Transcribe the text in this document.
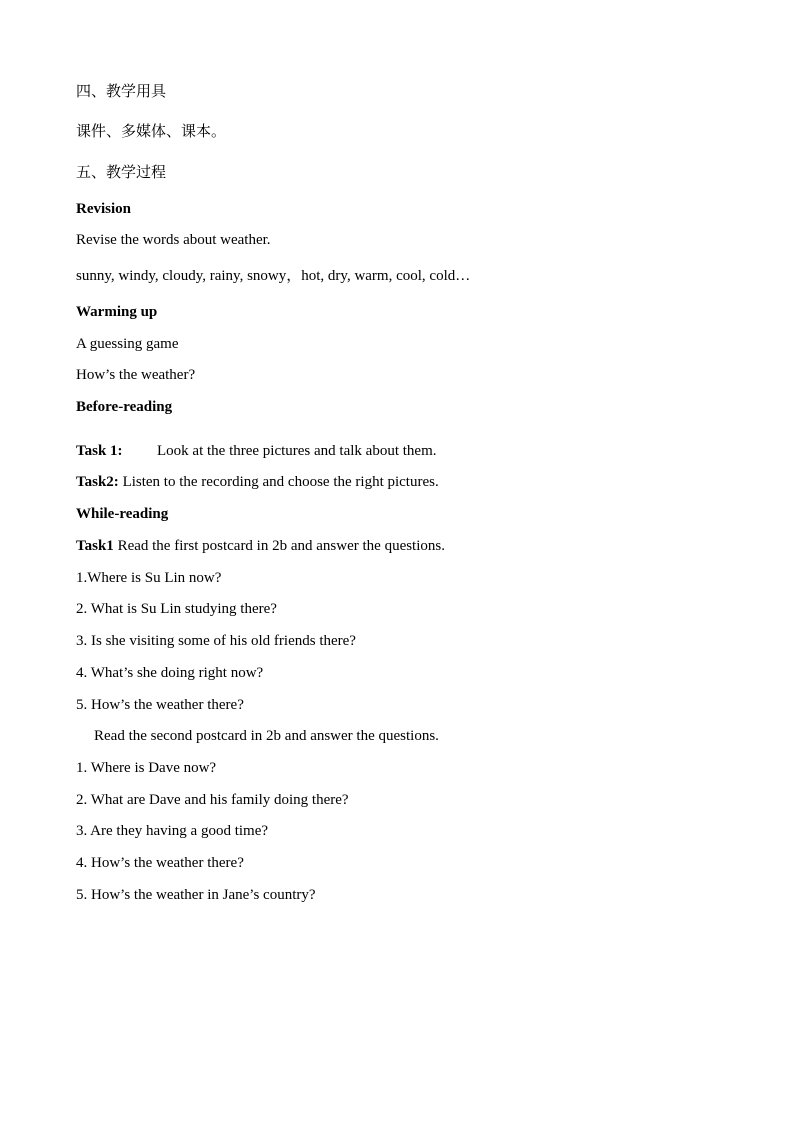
四、教学用具
课件、多媒体、课本。
五、教学过程
Revision
Revise the words about weather.
sunny, windy, cloudy, rainy, snowy，hot, dry, warm, cool, cold…
Warming up
A guessing game
How’s the weather?
Before-reading
Task 1: Look at the three pictures and talk about them.
Task2: Listen to the recording and choose the right pictures.
While-reading
Task1 Read the first postcard in 2b and answer the questions.
1.Where is Su Lin now?
2. What is Su Lin studying there?
3. Is she visiting some of his old friends there?
4. What’s she doing right now?
5. How’s the weather there?
Read the second postcard in 2b and answer the questions.
1. Where is Dave now?
2. What are Dave and his family doing there?
3. Are they having a good time?
4. How’s the weather there?
5. How’s the weather in Jane’s country?
